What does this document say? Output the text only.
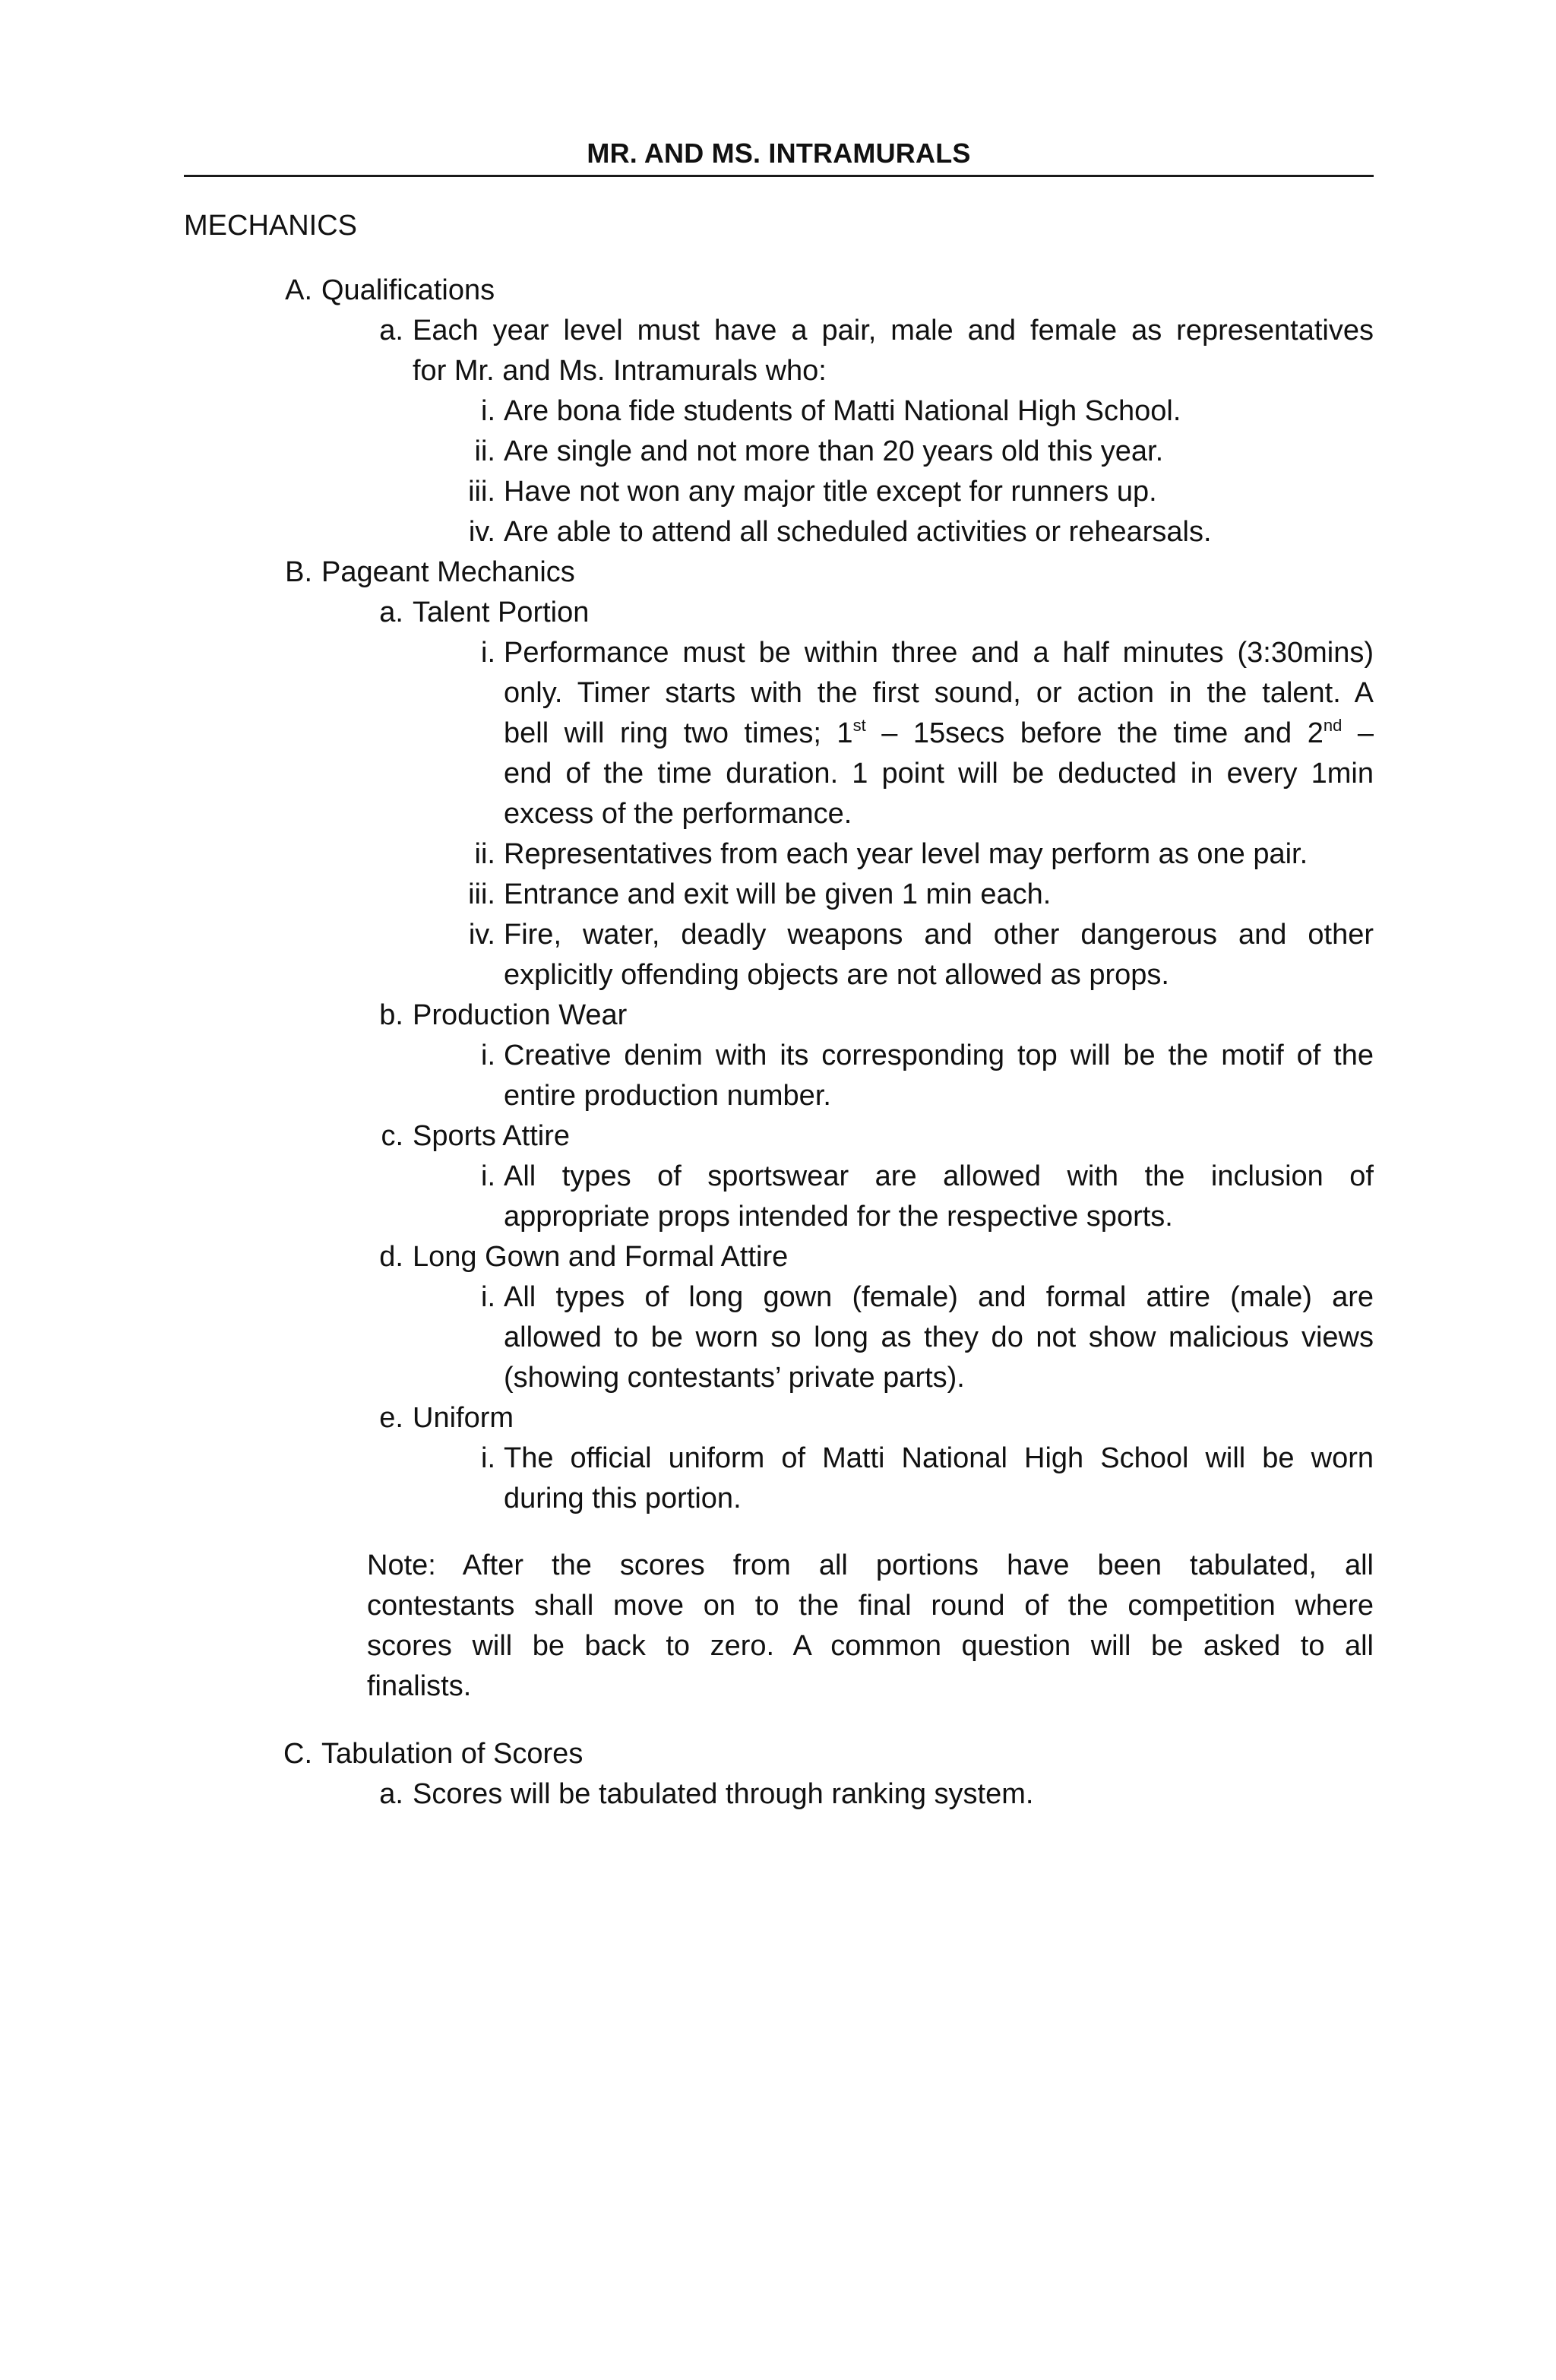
MR. AND MS. INTRAMURALS
MECHANICS
A. Qualifications
a. Each year level must have a pair, male and female as representatives
for Mr. and Ms. Intramurals who:
i. Are bona fide students of Matti National High School.
ii. Are single and not more than 20 years old this year.
iii. Have not won any major title except for runners up.
iv. Are able to attend all scheduled activities or rehearsals.
B. Pageant Mechanics
a. Talent Portion
i. Performance must be within three and a half minutes (3:30mins)
only. Timer starts with the first sound, or action in the talent. A
bell will ring two times; 1st – 15secs before the time and 2nd –
end of the time duration. 1 point will be deducted in every 1min
excess of the performance.
ii. Representatives from each year level may perform as one pair.
iii. Entrance and exit will be given 1 min each.
iv. Fire, water, deadly weapons and other dangerous and other
explicitly offending objects are not allowed as props.
b. Production Wear
i. Creative denim with its corresponding top will be the motif of the
entire production number.
c. Sports Attire
i. All types of sportswear are allowed with the inclusion of
appropriate props intended for the respective sports.
d. Long Gown and Formal Attire
i. All types of long gown (female) and formal attire (male) are
allowed to be worn so long as they do not show malicious views
(showing contestants’ private parts).
e. Uniform
i. The official uniform of Matti National High School will be worn
during this portion.
Note: After the scores from all portions have been tabulated, all
contestants shall move on to the final round of the competition where
scores will be back to zero. A common question will be asked to all
finalists.
C. Tabulation of Scores
a. Scores will be tabulated through ranking system.
